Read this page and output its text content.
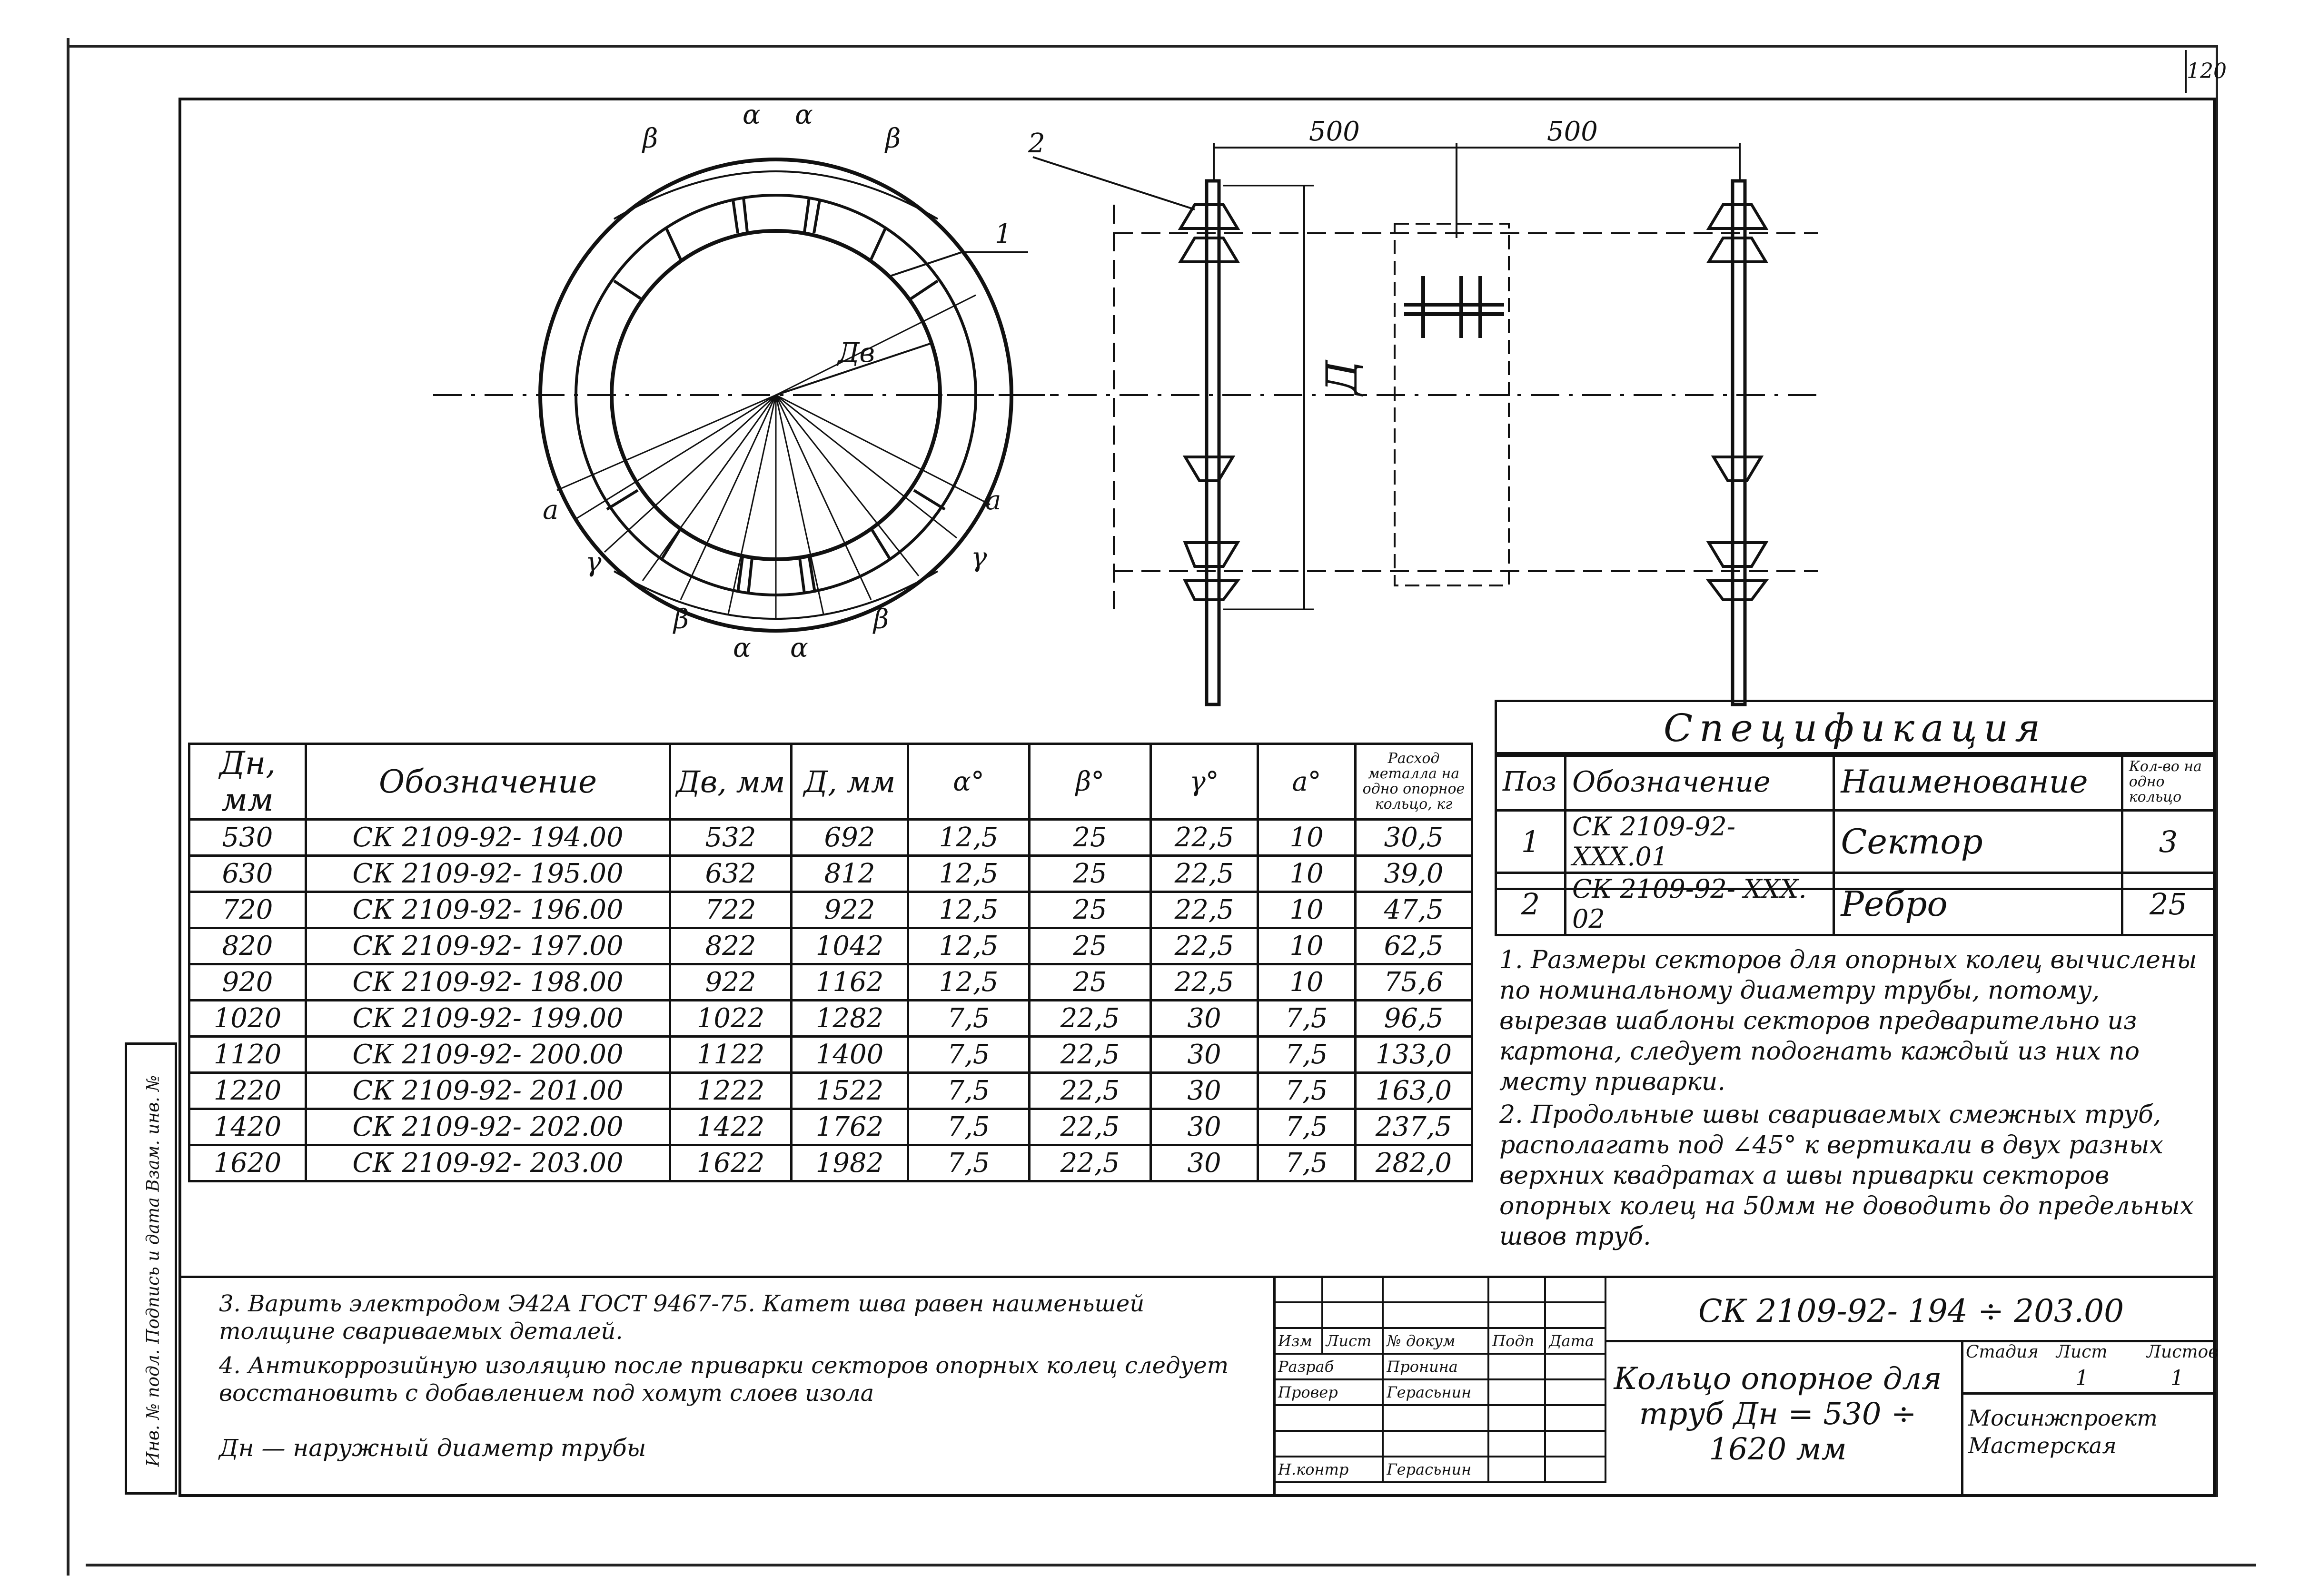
120
Инв. № подл. Подпись и дата Взам. инв. №
1
Дв
β
α α
β
a
γ
a
γ
β
α α
β
500	500
2
Д
Дн, мм	Обозначение	Дв, мм	Д, мм	α°	β°	γ°	a°	Расход металла на одно опорное кольцо, кг
530	СК 2109-92- 194.00	532	692	12,5	25	22,5	10	30,5
630	СК 2109-92- 195.00	632	812	12,5	25	22,5	10	39,0
720	СК 2109-92- 196.00	722	922	12,5	25	22,5	10	47,5
820	СК 2109-92- 197.00	822	1042	12,5	25	22,5	10	62,5
920	СК 2109-92- 198.00	922	1162	12,5	25	22,5	10	75,6
1020	СК 2109-92- 199.00	1022	1282	7,5	22,5	30	7,5	96,5
1120	СК 2109-92- 200.00	1122	1400	7,5	22,5	30	7,5	133,0
1220	СК 2109-92- 201.00	1222	1522	7,5	22,5	30	7,5	163,0
1420	СК 2109-92- 202.00	1422	1762	7,5	22,5	30	7,5	237,5
1620	СК 2109-92- 203.00	1622	1982	7,5	22,5	30	7,5	282,0
Спецификация
Поз	Обозначение	Наименование	Кол-во на одно кольцо
1	СК 2109-92- ХХХ.01	Сектор	3
2	СК 2109-92- ХХХ. 02	Ребро	25
1. Размеры секторов для опорных колец вычислены по номинальному диаметру трубы, потому, вырезав шаблоны секторов предварительно из картона, следует подогнать каждый из них по месту приварки.
2. Продольные швы свариваемых смежных труб, располагать под ∠45° к вертикали в двух разных верхних квадратах а швы приварки секторов опорных колец на 50мм не доводить до предельных швов труб.
3. Варить электродом Э42А ГОСТ 9467-75. Катет шва равен наименьшей толщине свариваемых деталей.
4. Антикоррозийную изоляцию после приварки секторов опорных колец следует восстановить с добавлением под хомут слоев изола
Дн — наружный диаметр трубы

Изм	Лист	№ докум	Подп	Дата
Разраб		Пронина		
Провер		Герасьнин		

Н.контр		Герасьнин		
СК 2109-92- 194 ÷ 203.00
Кольцо опорное для труб Дн = 530 ÷ 1620 мм
Стадия Лист Листов
1	1
Мосинжпроект Мастерская
